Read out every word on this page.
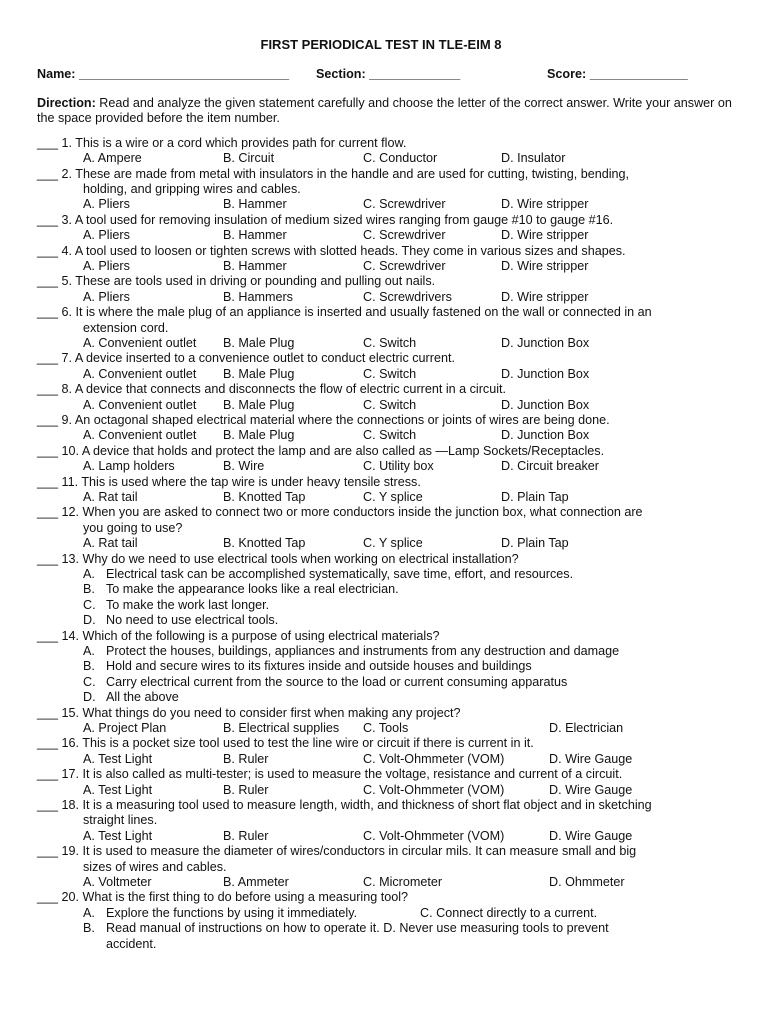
FIRST PERIODICAL TEST IN TLE-EIM 8
Name: ______________________________ Section: _____________	Score: ______________
Direction: Read and analyze the given statement carefully and choose the letter of the correct answer. Write your answer on the space provided before the item number.
___ 1. This is a wire or a cord which provides path for current flow.
A. Ampere	B. Circuit	C. Conductor	D. Insulator
___ 2. These are made from metal with insulators in the handle and are used for cutting, twisting, bending,
holding, and gripping wires and cables.
A. Pliers	B. Hammer	C. Screwdriver	D. Wire stripper
___ 3. A tool used for removing insulation of medium sized wires ranging from gauge #10 to gauge #16.
A. Pliers	B. Hammer	C. Screwdriver	D. Wire stripper
___ 4. A tool used to loosen or tighten screws with slotted heads. They come in various sizes and shapes.
A. Pliers	B. Hammer	C. Screwdriver	D. Wire stripper
___ 5. These are tools used in driving or pounding and pulling out nails.
A. Pliers	B. Hammers	C. Screwdrivers	D. Wire stripper
___ 6. It is where the male plug of an appliance is inserted and usually fastened on the wall or connected in an
extension cord.
A. Convenient outlet B. Male Plug	C. Switch	D. Junction Box
___ 7. A device inserted to a convenience outlet to conduct electric current.
A. Convenient outlet B. Male Plug	C. Switch	D. Junction Box
___ 8. A device that connects and disconnects the flow of electric current in a circuit.
A. Convenient outlet B. Male Plug	C. Switch	D. Junction Box
___ 9. An octagonal shaped electrical material where the connections or joints of wires are being done.
A. Convenient outlet B. Male Plug	C. Switch	D. Junction Box
___ 10. A device that holds and protect the lamp and are also called as ―Lamp Sockets/Receptacles.
A. Lamp holders	B. Wire	C. Utility box	D. Circuit breaker
___ 11. This is used where the tap wire is under heavy tensile stress.
A. Rat tail	B. Knotted Tap	C. Y splice	D. Plain Tap
___ 12. When you are asked to connect two or more conductors inside the junction box, what connection are
you going to use?
A. Rat tail	B. Knotted Tap	C. Y splice	D. Plain Tap
___ 13. Why do we need to use electrical tools when working on electrical installation?
A. Electrical task can be accomplished systematically, save time, effort, and resources.
B. To make the appearance looks like a real electrician.
C. To make the work last longer.
D. No need to use electrical tools.
___ 14. Which of the following is a purpose of using electrical materials?
A. Protect the houses, buildings, appliances and instruments from any destruction and damage
B. Hold and secure wires to its fixtures inside and outside houses and buildings
C. Carry electrical current from the source to the load or current consuming apparatus
D. All the above
___ 15. What things do you need to consider first when making any project?
A. Project Plan	B. Electrical supplies C. Tools	D. Electrician
___ 16. This is a pocket size tool used to test the line wire or circuit if there is current in it.
A. Test Light	B. Ruler	C. Volt-Ohmmeter (VOM)	D. Wire Gauge
___ 17. It is also called as multi-tester; is used to measure the voltage, resistance and current of a circuit.
A. Test Light	B. Ruler	C. Volt-Ohmmeter (VOM)	D. Wire Gauge
___ 18. It is a measuring tool used to measure length, width, and thickness of short flat object and in sketching
straight lines.
A. Test Light	B. Ruler	C. Volt-Ohmmeter (VOM)	D. Wire Gauge
___ 19. It is used to measure the diameter of wires/conductors in circular mils. It can measure small and big
sizes of wires and cables.
A. Voltmeter	B. Ammeter	C. Micrometer	D. Ohmmeter
___ 20. What is the first thing to do before using a measuring tool?
A. Explore the functions by using it immediately.	C. Connect directly to a current.
B. Read manual of instructions on how to operate it. D. Never use measuring tools to prevent
accident.
